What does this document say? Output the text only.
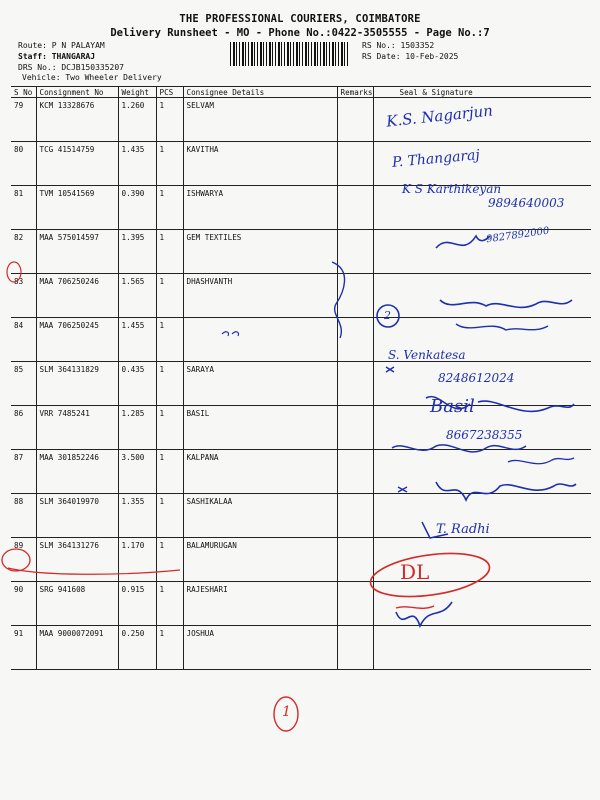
THE PROFESSIONAL COURIERS, COIMBATORE
Delivery Runsheet - MO - Phone No.:0422-3505555 - Page No.:7
Route: P N PALAYAM
Staff: THANGARAJ
DRS No.: DCJB150335207
Vehicle: Two Wheeler Delivery
RS No.: 1503352
RS Date: 10-Feb-2025
S No	Consignment No	Weight	PCS	Consignee Details	Remarks	Seal & Signature
79	KCM 13328676	1.260	1	SELVAM		
80	TCG 41514759	1.435	1	KAVITHA		
81	TVM 10541569	0.390	1	ISHWARYA		
82	MAA 575014597	1.395	1	GEM TEXTILES		
83	MAA 706250246	1.565	1	DHASHVANTH		
84	MAA 706250245	1.455	1			
85	SLM 364131829	0.435	1	SARAYA		
86	VRR 7485241	1.285	1	BASIL		
87	MAA 301852246	3.500	1	KALPANA		
88	SLM 364019970	1.355	1	SASHIKALAA		
89	SLM 364131276	1.170	1	BALAMURUGAN		
90	SRG 941608	0.915	1	RAJESHARI		
91	MAA 9000072091	0.250	1	JOSHUA		
K.S. Nagarjun
P. Thangaraj
K S Karthikeyan
9894640003
9827892000
S. Venkatesa
8248612024
Basil
8667238355
T. Radhi
2
DL
1
